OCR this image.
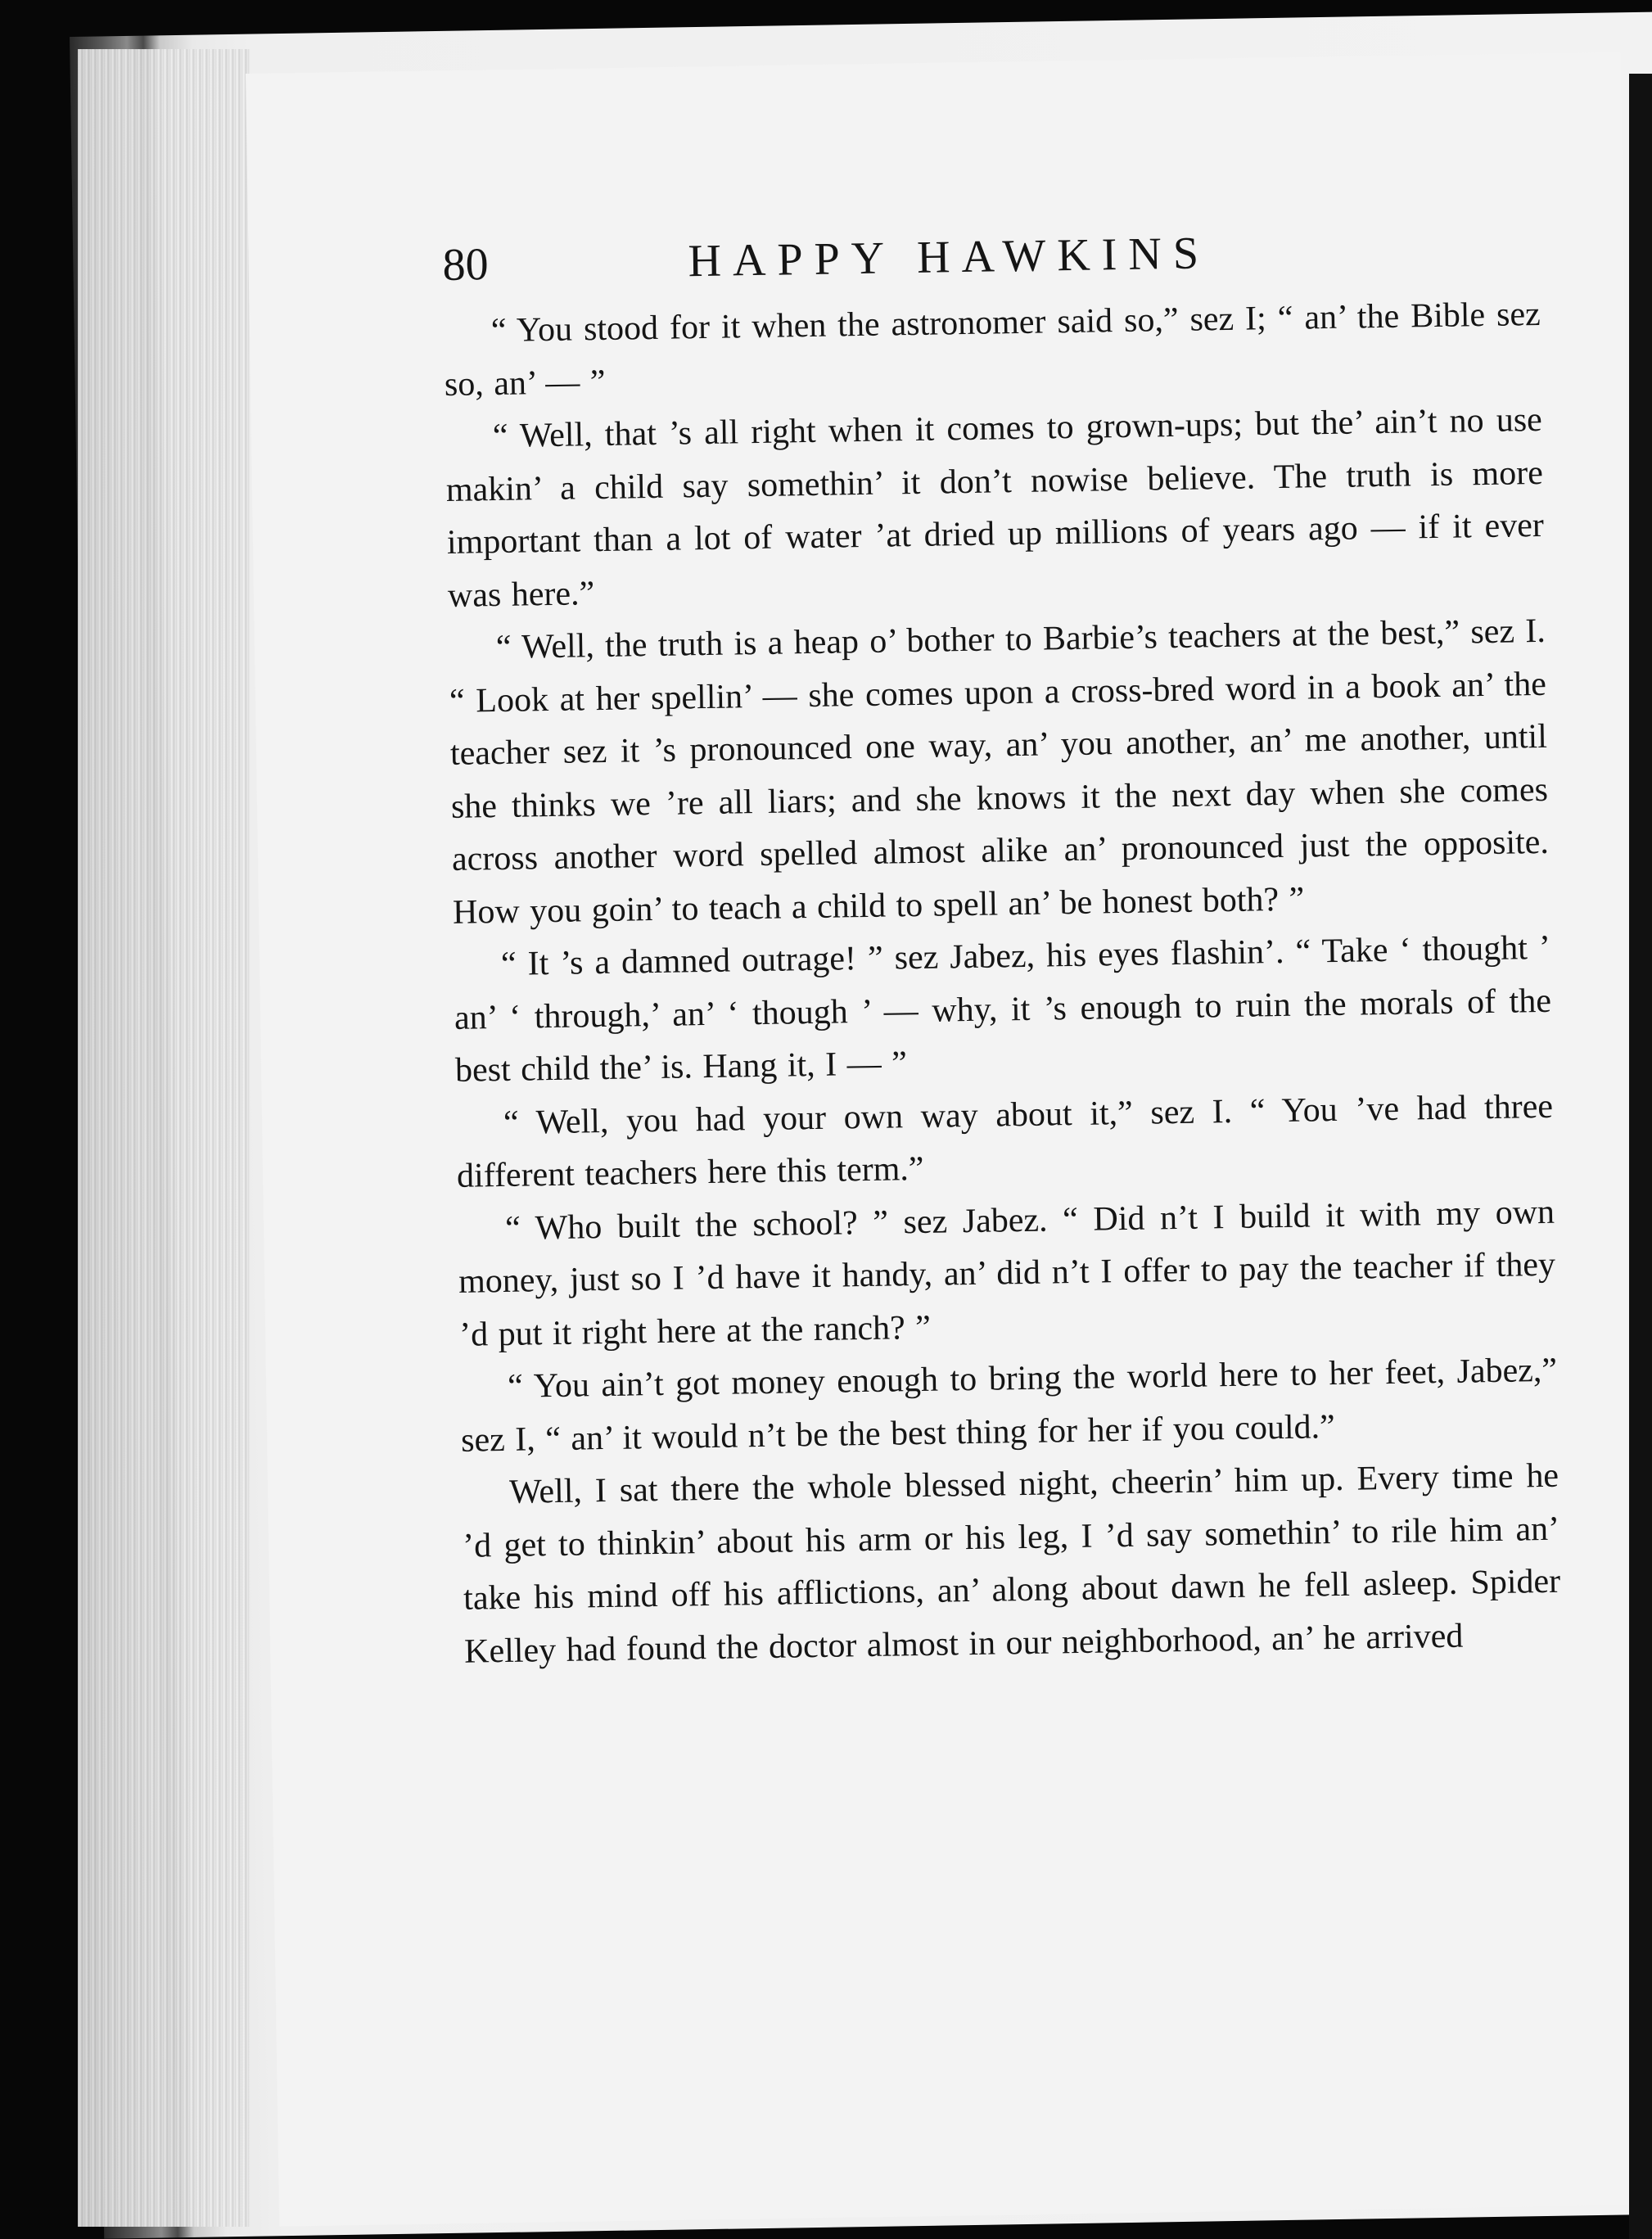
80	HAPPY HAWKINS

“ You stood for it when the astronomer said so,” sez I; “ an’ the Bible sez so, an’ — ”

“ Well, that ’s all right when it comes to grown-ups; but the’ ain’t no use makin’ a child say somethin’ it don’t nowise believe. The truth is more important than a lot of water ’at dried up millions of years ago — if it ever was here.”

“ Well, the truth is a heap o’ bother to Barbie’s teachers at the best,” sez I. “ Look at her spellin’ — she comes upon a cross-bred word in a book an’ the teacher sez it ’s pronounced one way, an’ you another, an’ me another, until she thinks we ’re all liars; and she knows it the next day when she comes across another word spelled almost alike an’ pronounced just the opposite. How you goin’ to teach a child to spell an’ be honest both? ”

“ It ’s a damned outrage! ” sez Jabez, his eyes flashin’. “ Take ‘ thought ’ an’ ‘ through,’ an’ ‘ though ’ — why, it ’s enough to ruin the morals of the best child the’ is. Hang it, I — ”

“ Well, you had your own way about it,” sez I. “ You ’ve had three different teachers here this term.”

“ Who built the school? ” sez Jabez. “ Did n’t I build it with my own money, just so I ’d have it handy, an’ did n’t I offer to pay the teacher if they ’d put it right here at the ranch? ”

“ You ain’t got money enough to bring the world here to her feet, Jabez,” sez I, “ an’ it would n’t be the best thing for her if you could.”

Well, I sat there the whole blessed night, cheerin’ him up. Every time he ’d get to thinkin’ about his arm or his leg, I ’d say somethin’ to rile him an’ take his mind off his afflictions, an’ along about dawn he fell asleep. Spider Kelley had found the doctor almost in our neighborhood, an’ he arrived
